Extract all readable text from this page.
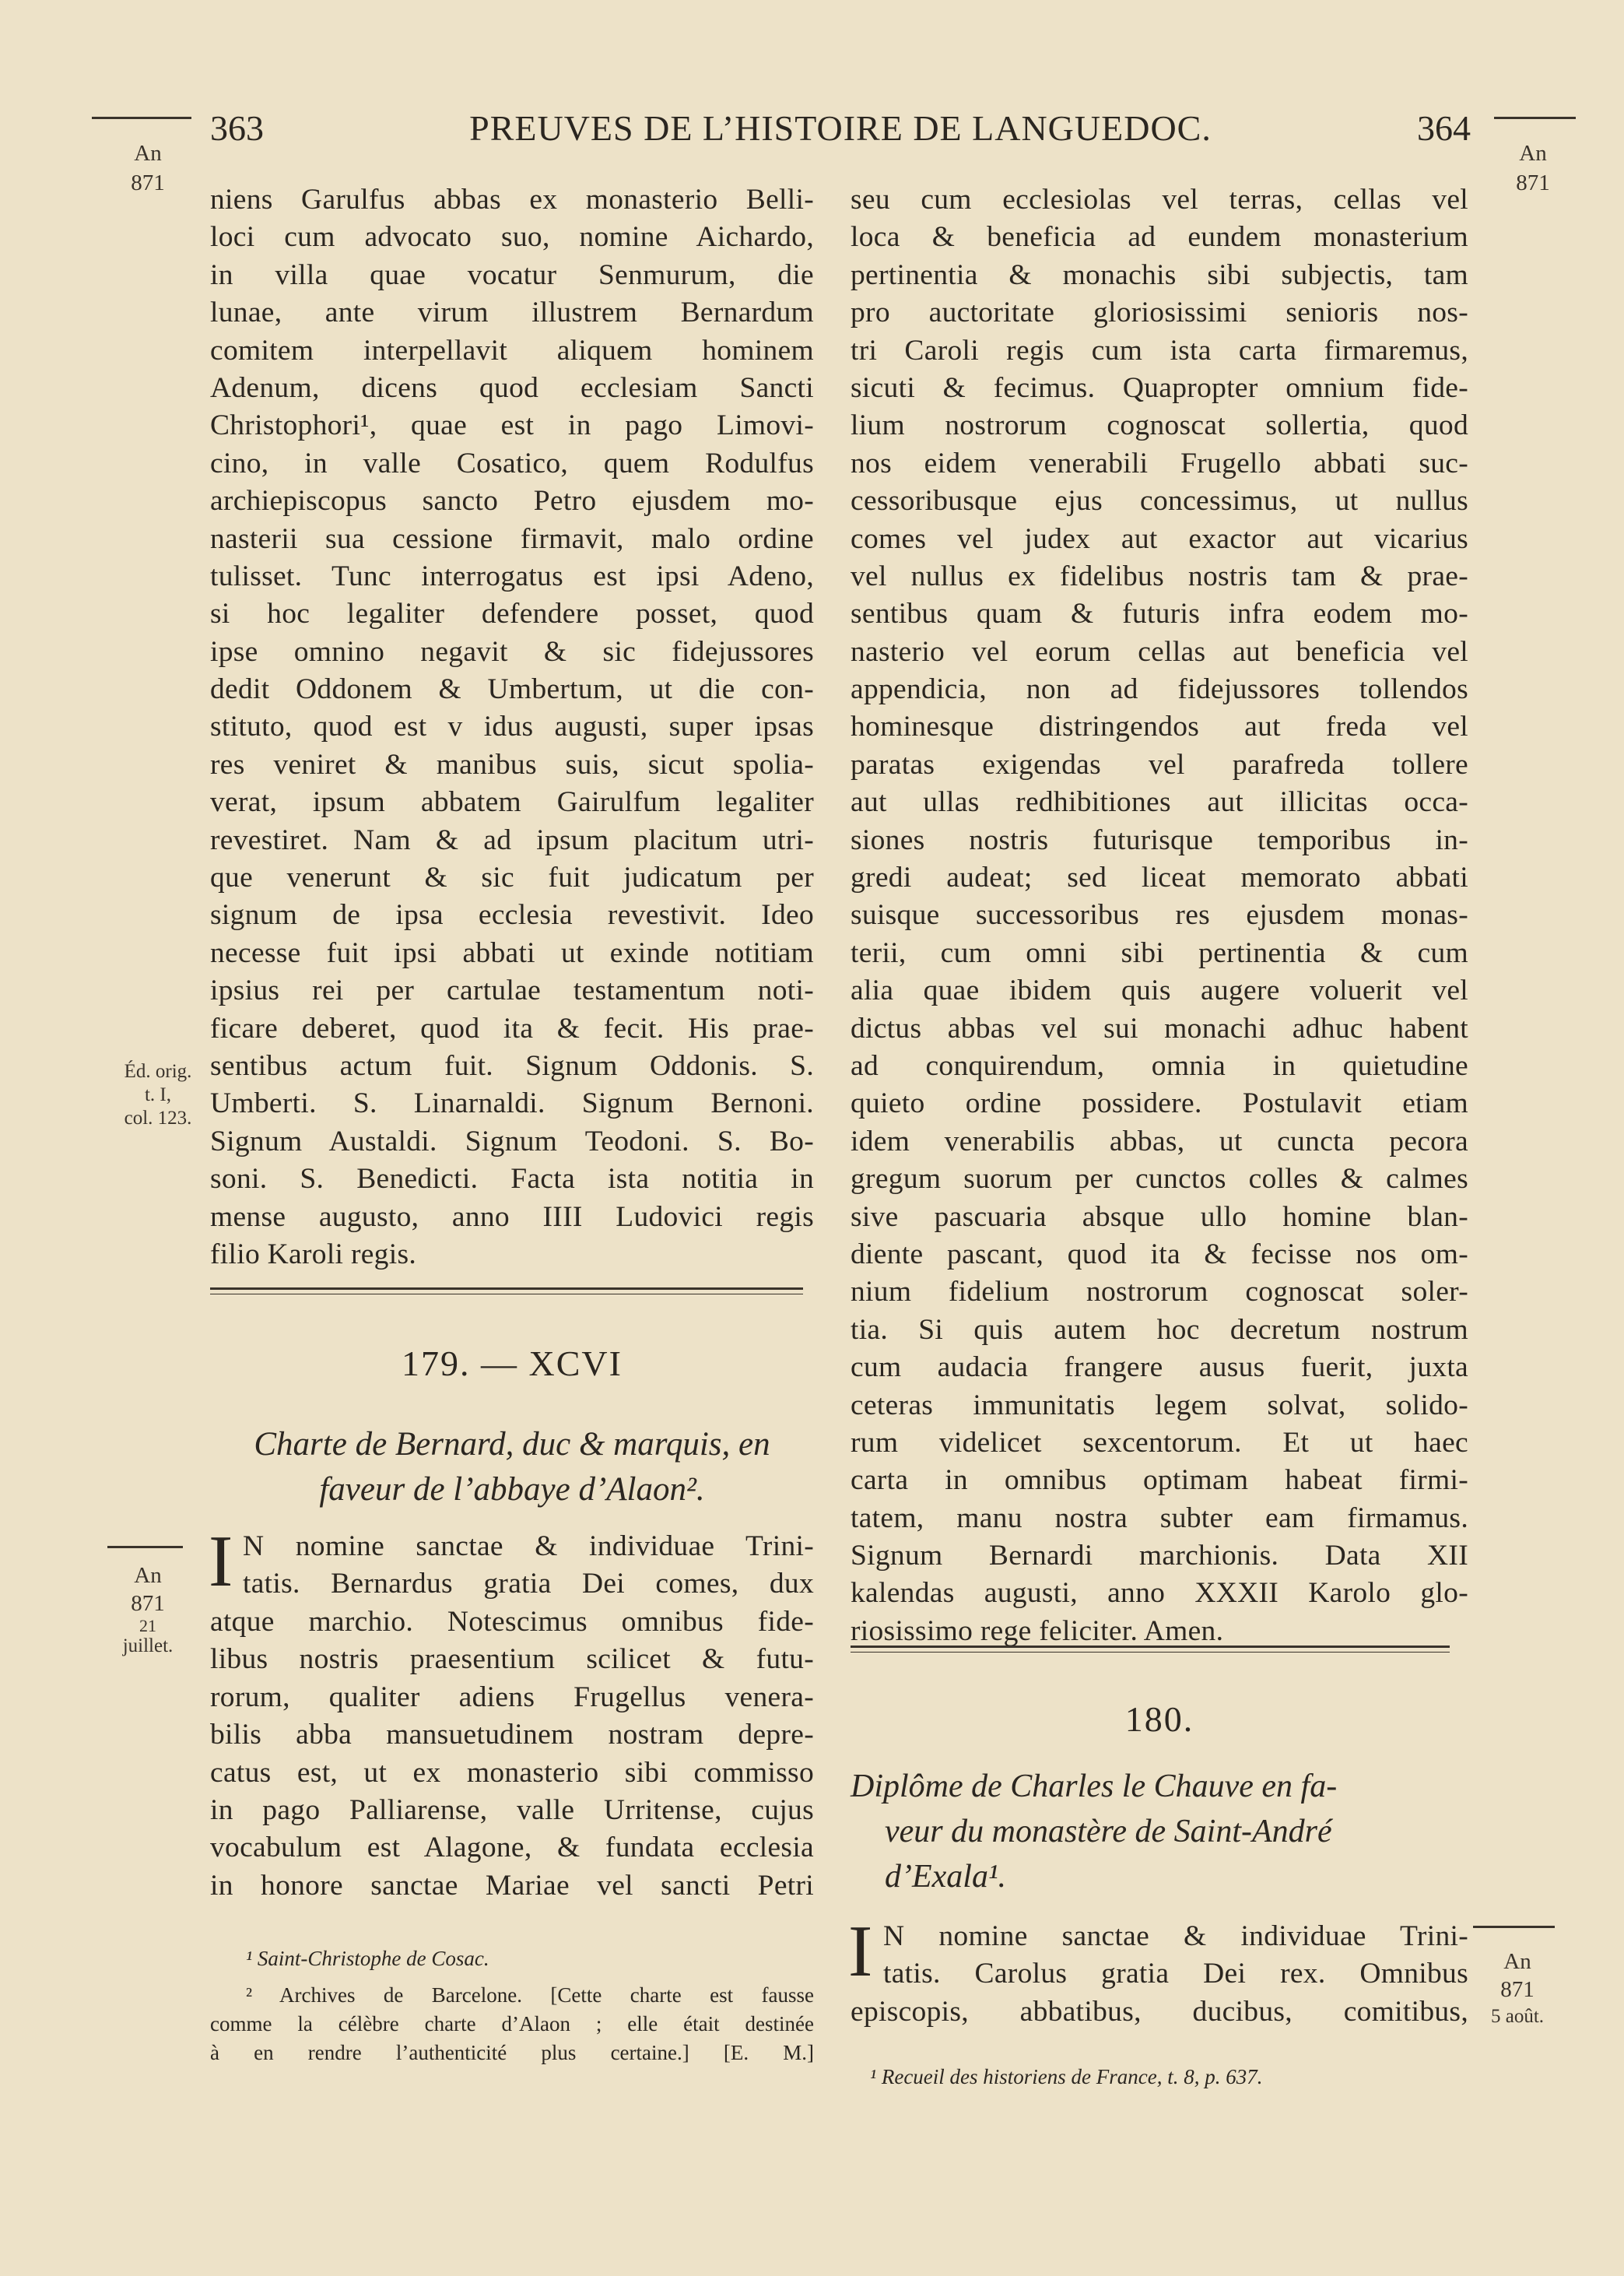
363	PREUVES DE L’HISTOIRE DE LANGUEDOC.	364
An
871
An
871
Éd. orig.
t. I,
col. 123.
niens Garulfus abbas ex monasterio Belli-
loci cum advocato suo, nomine Aichardo,
in villa quae vocatur Senmurum, die
lunae, ante virum illustrem Bernardum
comitem interpellavit aliquem hominem
Adenum, dicens quod ecclesiam Sancti
Christophori¹, quae est in pago Limovi-
cino, in valle Cosatico, quem Rodulfus
archiepiscopus sancto Petro ejusdem mo-
nasterii sua cessione firmavit, malo ordine
tulisset. Tunc interrogatus est ipsi Adeno,
si hoc legaliter defendere posset, quod
ipse omnino negavit & sic fidejussores
dedit Oddonem & Umbertum, ut die con-
stituto, quod est v idus augusti, super ipsas
res veniret & manibus suis, sicut spolia-
verat, ipsum abbatem Gairulfum legaliter
revestiret. Nam & ad ipsum placitum utri-
que venerunt & sic fuit judicatum per
signum de ipsa ecclesia revestivit. Ideo
necesse fuit ipsi abbati ut exinde notitiam
ipsius rei per cartulae testamentum noti-
ficare deberet, quod ita & fecit. His prae-
sentibus actum fuit. Signum Oddonis. S.
Umberti. S. Linarnaldi. Signum Bernoni.
Signum Austaldi. Signum Teodoni. S. Bo-
soni. S. Benedicti. Facta ista notitia in
mense augusto, anno IIII Ludovici regis
filio Karoli regis.
179. — XCVI
Charte de Bernard, duc & marquis, en
faveur de l’abbaye d’Alaon².
An
871
21
juillet.
I N nomine sanctae & individuae Trini-
tatis. Bernardus gratia Dei comes, dux
atque marchio. Notescimus omnibus fide-
libus nostris praesentium scilicet & futu-
rorum, qualiter adiens Frugellus venera-
bilis abba mansuetudinem nostram depre-
catus est, ut ex monasterio sibi commisso
in pago Palliarense, valle Urritense, cujus
vocabulum est Alagone, & fundata ecclesia
in honore sanctae Mariae vel sancti Petri
¹ Saint-Christophe de Cosac.
² Archives de Barcelone. [Cette charte est fausse
comme la célèbre charte d’Alaon ; elle était destinée
à en rendre l’authenticité plus certaine.] [E. M.]
seu cum ecclesiolas vel terras, cellas vel
loca & beneficia ad eundem monasterium
pertinentia & monachis sibi subjectis, tam
pro auctoritate gloriosissimi senioris nos-
tri Caroli regis cum ista carta firmaremus,
sicuti & fecimus. Quapropter omnium fide-
lium nostrorum cognoscat sollertia, quod
nos eidem venerabili Frugello abbati suc-
cessoribusque ejus concessimus, ut nullus
comes vel judex aut exactor aut vicarius
vel nullus ex fidelibus nostris tam & prae-
sentibus quam & futuris infra eodem mo-
nasterio vel eorum cellas aut beneficia vel
appendicia, non ad fidejussores tollendos
hominesque distringendos aut freda vel
paratas exigendas vel parafreda tollere
aut ullas redhibitiones aut illicitas occa-
siones nostris futurisque temporibus in-
gredi audeat; sed liceat memorato abbati
suisque successoribus res ejusdem monas-
terii, cum omni sibi pertinentia & cum
alia quae ibidem quis augere voluerit vel
dictus abbas vel sui monachi adhuc habent
ad conquirendum, omnia in quietudine
quieto ordine possidere. Postulavit etiam
idem venerabilis abbas, ut cuncta pecora
gregum suorum per cunctos colles & calmes
sive pascuaria absque ullo homine blan-
diente pascant, quod ita & fecisse nos om-
nium fidelium nostrorum cognoscat soler-
tia. Si quis autem hoc decretum nostrum
cum audacia frangere ausus fuerit, juxta
ceteras immunitatis legem solvat, solido-
rum videlicet sexcentorum. Et ut haec
carta in omnibus optimam habeat firmi-
tatem, manu nostra subter eam firmamus.
Signum Bernardi marchionis. Data XII
kalendas augusti, anno XXXII Karolo glo-
riosissimo rege feliciter. Amen.
180.
Diplôme de Charles le Chauve en fa-
veur du monastère de Saint-André
d’Exala¹.
An
871
5 août.
I N nomine sanctae & individuae Trini-
tatis. Carolus gratia Dei rex. Omnibus
episcopis, abbatibus, ducibus, comitibus,
¹ Recueil des historiens de France, t. 8, p. 637.
